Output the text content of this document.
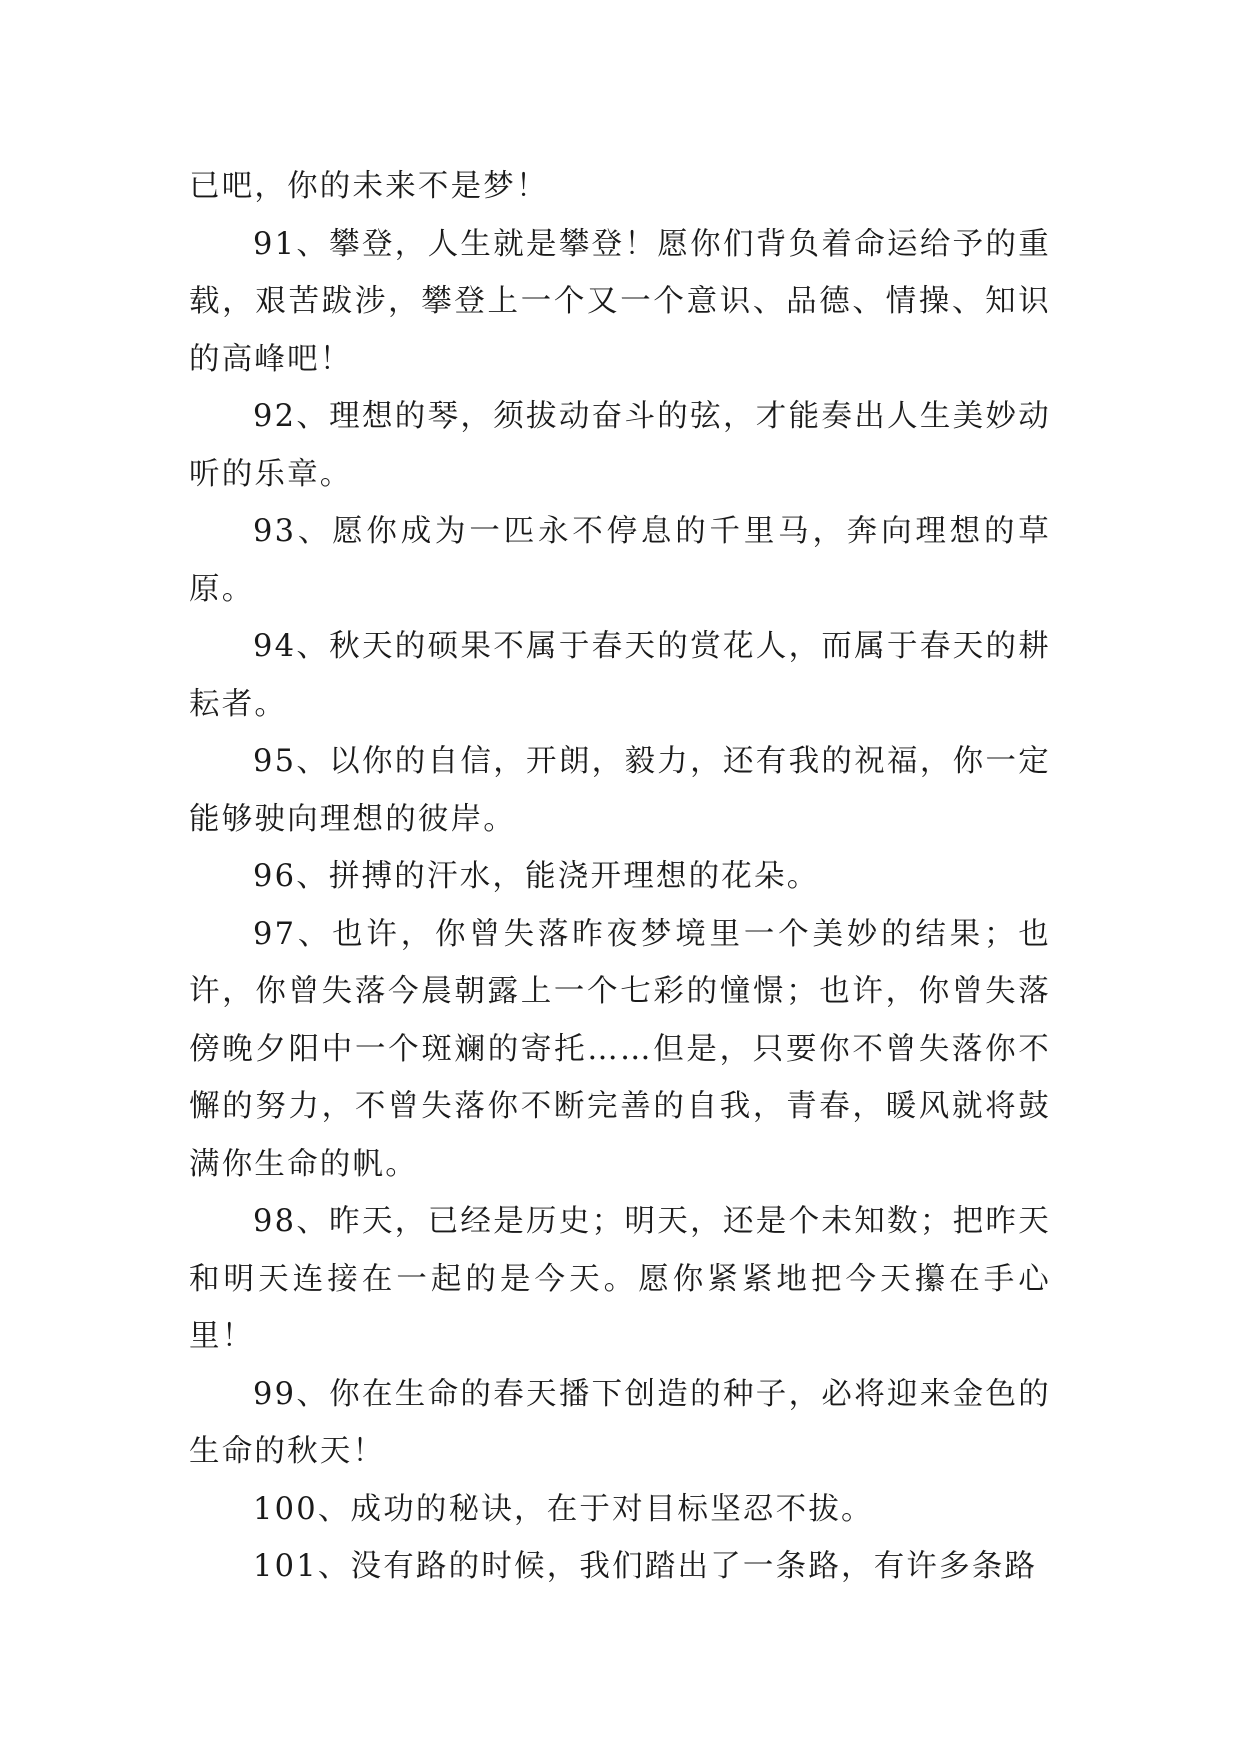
已吧，你的未来不是梦！

91、攀登，人生就是攀登！愿你们背负着命运给予的重载，艰苦跋涉，攀登上一个又一个意识、品德、情操、知识的高峰吧！

92、理想的琴，须拔动奋斗的弦，才能奏出人生美妙动听的乐章。

93、愿你成为一匹永不停息的千里马，奔向理想的草原。

94、秋天的硕果不属于春天的赏花人，而属于春天的耕耘者。

95、以你的自信，开朗，毅力，还有我的祝福，你一定能够驶向理想的彼岸。

96、拼搏的汗水，能浇开理想的花朵。

97、也许，你曾失落昨夜梦境里一个美妙的结果；也许，你曾失落今晨朝露上一个七彩的憧憬；也许，你曾失落傍晚夕阳中一个斑斓的寄托……但是，只要你不曾失落你不懈的努力，不曾失落你不断完善的自我，青春，暖风就将鼓满你生命的帆。

98、昨天，已经是历史；明天，还是个未知数；把昨天和明天连接在一起的是今天。愿你紧紧地把今天攥在手心里！

99、你在生命的春天播下创造的种子，必将迎来金色的生命的秋天！

100、成功的秘诀，在于对目标坚忍不拔。

101、没有路的时候，我们踏出了一条路，有许多条路
